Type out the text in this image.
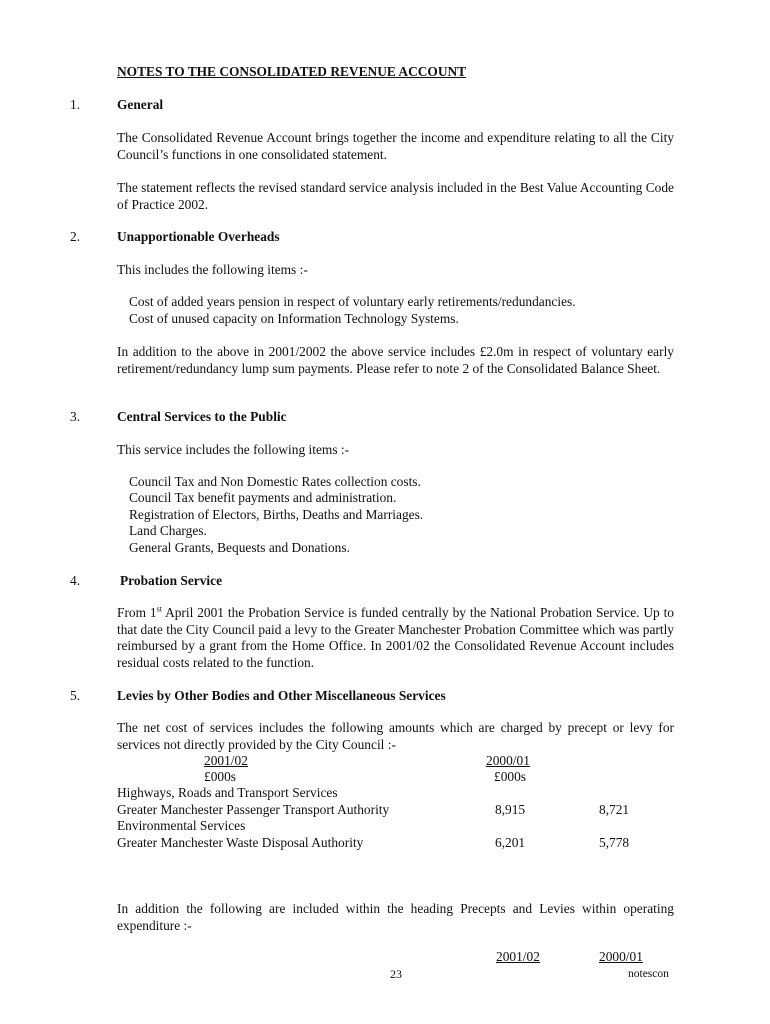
NOTES TO THE CONSOLIDATED REVENUE ACCOUNT
1.	General
The Consolidated Revenue Account brings together the income and expenditure relating to all the City Council’s functions in one consolidated statement.
The statement reflects the revised standard service analysis included in the Best Value Accounting Code of Practice 2002.
2.	Unapportionable Overheads
This includes the following items :-
Cost of added years pension in respect of voluntary early retirements/redundancies.
Cost of unused capacity on Information Technology Systems.
In addition to the above in 2001/2002 the above service includes £2.0m in respect of voluntary early retirement/redundancy lump sum payments. Please refer to note 2 of the Consolidated Balance Sheet.
3.	Central Services to the Public
This service includes the following items :-
Council Tax and Non Domestic Rates collection costs.
Council Tax benefit payments and administration.
Registration of Electors, Births, Deaths and Marriages.
Land Charges.
General Grants, Bequests and Donations.
4.	Probation Service
From 1st April 2001 the Probation Service is funded centrally by the National Probation Service. Up to that date the City Council paid a levy to the Greater Manchester Probation Committee which was partly reimbursed by a grant from the Home Office. In 2001/02 the Consolidated Revenue Account includes residual costs related to the function.
5.	Levies by Other Bodies and Other Miscellaneous Services
The net cost of services includes the following amounts which are charged by precept or levy for services not directly provided by the City Council :-
2001/02	2000/01
£000s	£000s
Highways, Roads and Transport Services
Greater Manchester Passenger Transport Authority	8,915	8,721
Environmental Services
Greater Manchester Waste Disposal Authority	6,201	5,778
In addition the following are included within the heading Precepts and Levies within operating expenditure :-
2001/02	2000/01
23	notescon
